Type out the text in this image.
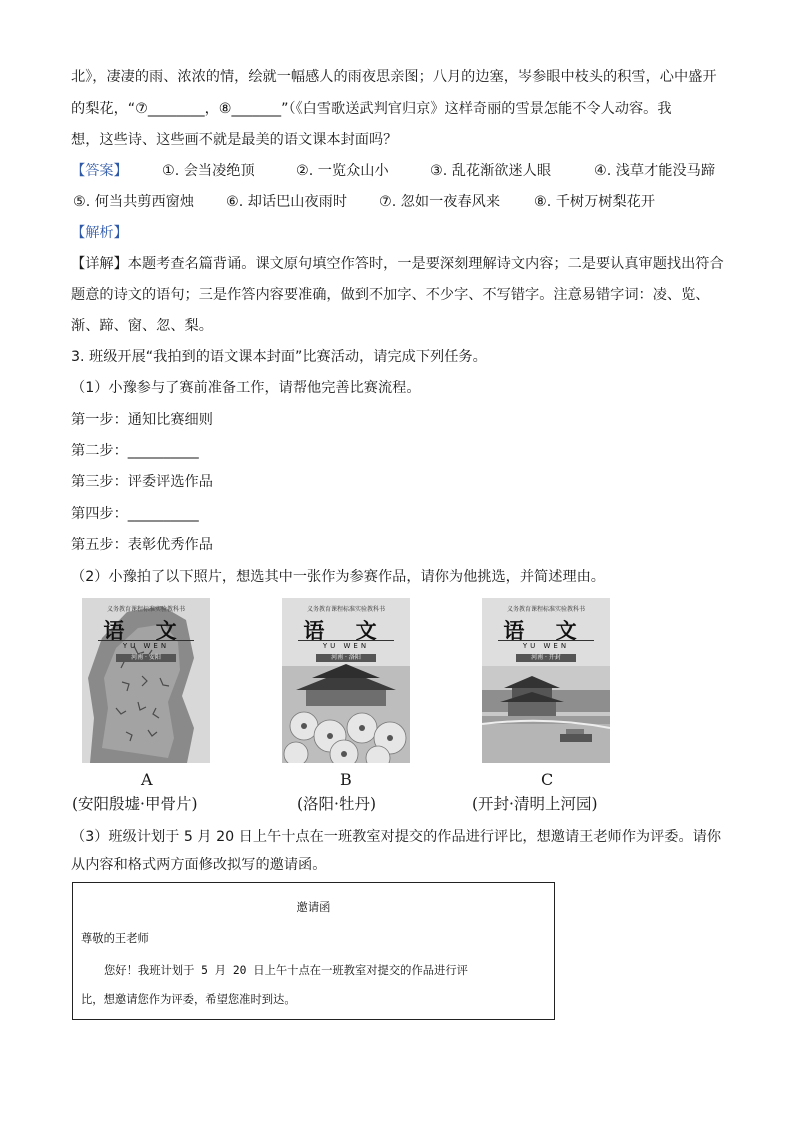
北》，凄凄的雨、浓浓的情，绘就一幅感人的雨夜思亲图；八月的边塞，岑参眼中枝头的积雪，心中盛开
的梨花，“⑦________，⑧_______”（《白雪歌送武判官归京》这样奇丽的雪景怎能不令人动容。我
想，这些诗、这些画不就是最美的语文课本封面吗？
【答案】 ①. 会当凌绝顶	②. 一览众山小	③. 乱花渐欲迷人眼	④. 浅草才能没马蹄
⑤. 何当共剪西窗烛 ⑥. 却话巴山夜雨时 ⑦. 忽如一夜春风来 ⑧. 千树万树梨花开
【解析】
【详解】本题考查名篇背诵。课文原句填空作答时，一是要深刻理解诗文内容；二是要认真审题找出符合
题意的诗文的语句；三是作答内容要准确，做到不加字、不少字、不写错字。注意易错字词：凌、览、
渐、蹄、窗、忽、梨。
3. 班级开展“我拍到的语文课本封面”比赛活动，请完成下列任务。
（1）小豫参与了赛前准备工作，请帮他完善比赛流程。
第一步：通知比赛细则
第二步：__________
第三步：评委评选作品
第四步：__________
第五步：表彰优秀作品
（2）小豫拍了以下照片，想选其中一张作为参赛作品，请你为他挑选，并简述理由。
义务教育课程标准实验教科书
语 文
YU WEN
河南 · 安阳
义务教育课程标准实验教科书
语 文
YU WEN
河南 · 洛阳
义务教育课程标准实验教科书
语 文
YU WEN
河南 · 开封
A	B	C
(安阳殷墟·甲骨片)	(洛阳·牡丹)	(开封·清明上河园)
（3）班级计划于 5 月 20 日上午十点在一班教室对提交的作品进行评比，想邀请王老师作为评委。请你
从内容和格式两方面修改拟写的邀请函。
邀请函
尊敬的王老师
您好！我班计划于 5 月 20 日上午十点在一班教室对提交的作品进行评
比，想邀请您作为评委，希望您准时到达。
